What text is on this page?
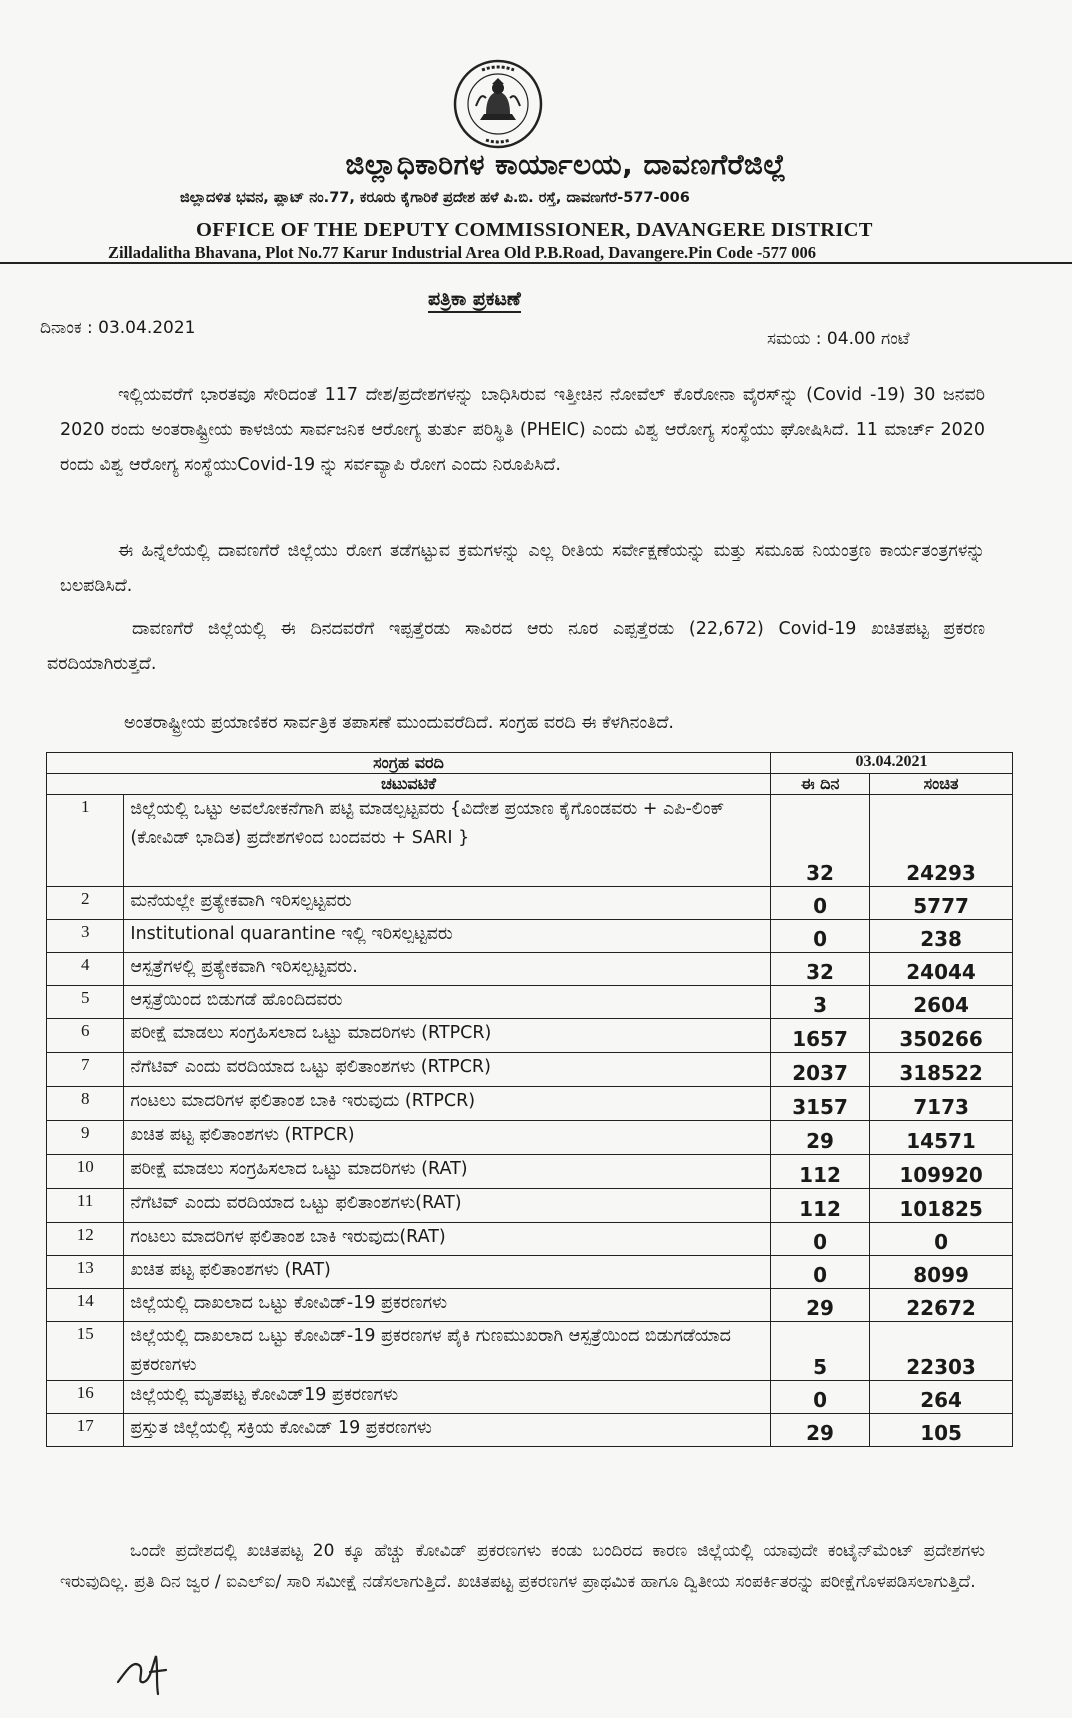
ಜಿಲ್ಲಾಧಿಕಾರಿಗಳ ಕಾರ್ಯಾಲಯ, ದಾವಣಗೆರೆಜಿಲ್ಲೆ
ಜಿಲ್ಲಾದಳಿತ ಭವನ, ಪ್ಲಾಟ್ ನಂ.77, ಕರೂರು ಕೈಗಾರಿಕೆ ಪ್ರದೇಶ ಹಳೆ ಪಿ.ಬಿ. ರಸ್ತೆ, ದಾವಣಗೆರೆ-577-006
OFFICE OF THE DEPUTY COMMISSIONER, DAVANGERE DISTRICT
Zilladalitha Bhavana, Plot No.77 Karur Industrial Area Old P.B.Road, Davangere.Pin Code -577 006
ಪತ್ರಿಕಾ ಪ್ರಕಟಣೆ
ದಿನಾಂಕ : 03.04.2021
ಸಮಯ : 04.00 ಗಂಟೆ
ಇಲ್ಲಿಯವರೆಗೆ ಭಾರತವೂ ಸೇರಿದಂತೆ 117 ದೇಶ/ಪ್ರದೇಶಗಳನ್ನು ಬಾಧಿಸಿರುವ ಇತ್ತೀಚಿನ ನೋವೆಲ್ ಕೊರೋನಾ ವೈರಸ್‌ನ್ನು (Covid -19) 30 ಜನವರಿ 2020 ರಂದು ಅಂತರಾಷ್ಟ್ರೀಯ ಕಾಳಜಿಯ ಸಾರ್ವಜನಿಕ ಆರೋಗ್ಯ ತುರ್ತು ಪರಿಸ್ಥಿತಿ (PHEIC) ಎಂದು ವಿಶ್ವ ಆರೋಗ್ಯ ಸಂಸ್ಥೆಯು ಘೋಷಿಸಿದೆ. 11 ಮಾರ್ಚ್ 2020 ರಂದು ವಿಶ್ವ ಆರೋಗ್ಯ ಸಂಸ್ಥೆಯುCovid-19 ನ್ನು ಸರ್ವವ್ಯಾಪಿ ರೋಗ ಎಂದು ನಿರೂಪಿಸಿದೆ.
ಈ ಹಿನ್ನೆಲೆಯಲ್ಲಿ ದಾವಣಗೆರೆ ಜಿಲ್ಲೆಯು ರೋಗ ತಡೆಗಟ್ಟುವ ಕ್ರಮಗಳನ್ನು ಎಲ್ಲ ರೀತಿಯ ಸರ್ವೇಕ್ಷಣೆಯನ್ನು ಮತ್ತು ಸಮೂಹ ನಿಯಂತ್ರಣ ಕಾರ್ಯತಂತ್ರಗಳನ್ನು ಬಲಪಡಿಸಿದೆ.
ದಾವಣಗೆರೆ ಜಿಲ್ಲೆಯಲ್ಲಿ ಈ ದಿನದವರೆಗೆ ಇಪ್ಪತ್ತೆರಡು ಸಾವಿರದ ಆರು ನೂರ ಎಪ್ಪತ್ತೆರಡು (22,672) Covid-19 ಖಚಿತಪಟ್ಟ ಪ್ರಕರಣ ವರದಿಯಾಗಿರುತ್ತದೆ.
ಅಂತರಾಷ್ಟ್ರೀಯ ಪ್ರಯಾಣಿಕರ ಸಾರ್ವತ್ರಿಕ ತಪಾಸಣೆ ಮುಂದುವರೆದಿದೆ. ಸಂಗ್ರಹ ವರದಿ ಈ ಕೆಳಗಿನಂತಿದೆ.
ಸಂಗ್ರಹ ವರದಿ		03.04.2021	
ಚಟುವಟಿಕೆ		ಈ ದಿನ	ಸಂಚಿತ
1	ಜಿಲ್ಲೆಯಲ್ಲಿ ಒಟ್ಟು ಅವಲೋಕನೆಗಾಗಿ ಪಟ್ಟಿ ಮಾಡಲ್ಪಟ್ಟವರು {ವಿದೇಶ ಪ್ರಯಾಣ ಕೈಗೊಂಡವರು + ಎಪಿ-ಲಿಂಕ್ (ಕೋವಿಡ್ ಭಾದಿತ) ಪ್ರದೇಶಗಳಿಂದ ಬಂದವರು + SARI }	32	24293
2	ಮನೆಯಲ್ಲೇ ಪ್ರತ್ಯೇಕವಾಗಿ ಇರಿಸಲ್ಪಟ್ಟವರು	0	5777
3	Institutional quarantine ಇಲ್ಲಿ ಇರಿಸಲ್ಪಟ್ಟವರು	0	238
4	ಆಸ್ಪತ್ರೆಗಳಲ್ಲಿ ಪ್ರತ್ಯೇಕವಾಗಿ ಇರಿಸಲ್ಪಟ್ಟವರು.	32	24044
5	ಆಸ್ಪತ್ರೆಯಿಂದ ಬಿಡುಗಡೆ ಹೊಂದಿದವರು	3	2604
6	ಪರೀಕ್ಷೆ ಮಾಡಲು ಸಂಗ್ರಹಿಸಲಾದ ಒಟ್ಟು ಮಾದರಿಗಳು (RTPCR)	1657	350266
7	ನೆಗೆಟಿವ್ ಎಂದು ವರದಿಯಾದ ಒಟ್ಟು ಫಲಿತಾಂಶಗಳು (RTPCR)	2037	318522
8	ಗಂಟಲು ಮಾದರಿಗಳ ಫಲಿತಾಂಶ ಬಾಕಿ ಇರುವುದು (RTPCR)	3157	7173
9	ಖಚಿತ ಪಟ್ಟ ಫಲಿತಾಂಶಗಳು (RTPCR)	29	14571
10	ಪರೀಕ್ಷೆ ಮಾಡಲು ಸಂಗ್ರಹಿಸಲಾದ ಒಟ್ಟು ಮಾದರಿಗಳು (RAT)	112	109920
11	ನೆಗೆಟಿವ್ ಎಂದು ವರದಿಯಾದ ಒಟ್ಟು ಫಲಿತಾಂಶಗಳು(RAT)	112	101825
12	ಗಂಟಲು ಮಾದರಿಗಳ ಫಲಿತಾಂಶ ಬಾಕಿ ಇರುವುದು(RAT)	0	0
13	ಖಚಿತ ಪಟ್ಟ ಫಲಿತಾಂಶಗಳು (RAT)	0	8099
14	ಜಿಲ್ಲೆಯಲ್ಲಿ ದಾಖಲಾದ ಒಟ್ಟು ಕೋವಿಡ್-19 ಪ್ರಕರಣಗಳು	29	22672
15	ಜಿಲ್ಲೆಯಲ್ಲಿ ದಾಖಲಾದ ಒಟ್ಟು ಕೋವಿಡ್-19 ಪ್ರಕರಣಗಳ ಪೈಕಿ ಗುಣಮುಖರಾಗಿ ಆಸ್ಪತ್ರೆಯಿಂದ ಬಿಡುಗಡೆಯಾದ ಪ್ರಕರಣಗಳು	5	22303
16	ಜಿಲ್ಲೆಯಲ್ಲಿ ಮೃತಪಟ್ಟ ಕೋವಿಡ್19 ಪ್ರಕರಣಗಳು	0	264
17	ಪ್ರಸ್ತುತ ಜಿಲ್ಲೆಯಲ್ಲಿ ಸಕ್ರಿಯ ಕೋವಿಡ್ 19 ಪ್ರಕರಣಗಳು	29	105
ಒಂದೇ ಪ್ರದೇಶದಲ್ಲಿ ಖಚಿತಪಟ್ಟ 20 ಕ್ಕೂ ಹೆಚ್ಚು ಕೋವಿಡ್ ಪ್ರಕರಣಗಳು ಕಂಡು ಬಂದಿರದ ಕಾರಣ ಜಿಲ್ಲೆಯಲ್ಲಿ ಯಾವುದೇ ಕಂಟೈನ್‌ಮೆಂಟ್ ಪ್ರದೇಶಗಳು ಇರುವುದಿಲ್ಲ. ಪ್ರತಿ ದಿನ ಜ್ವರ / ಐಎಲ್‌ಐ/ ಸಾರಿ ಸಮೀಕ್ಷೆ ನಡೆಸಲಾಗುತ್ತಿದೆ. ಖಚಿತಪಟ್ಟ ಪ್ರಕರಣಗಳ ಪ್ರಾಥಮಿಕ ಹಾಗೂ ದ್ವಿತೀಯ ಸಂಪರ್ಕಿತರನ್ನು ಪರೀಕ್ಷೆಗೊಳಪಡಿಸಲಾಗುತ್ತಿದೆ.
